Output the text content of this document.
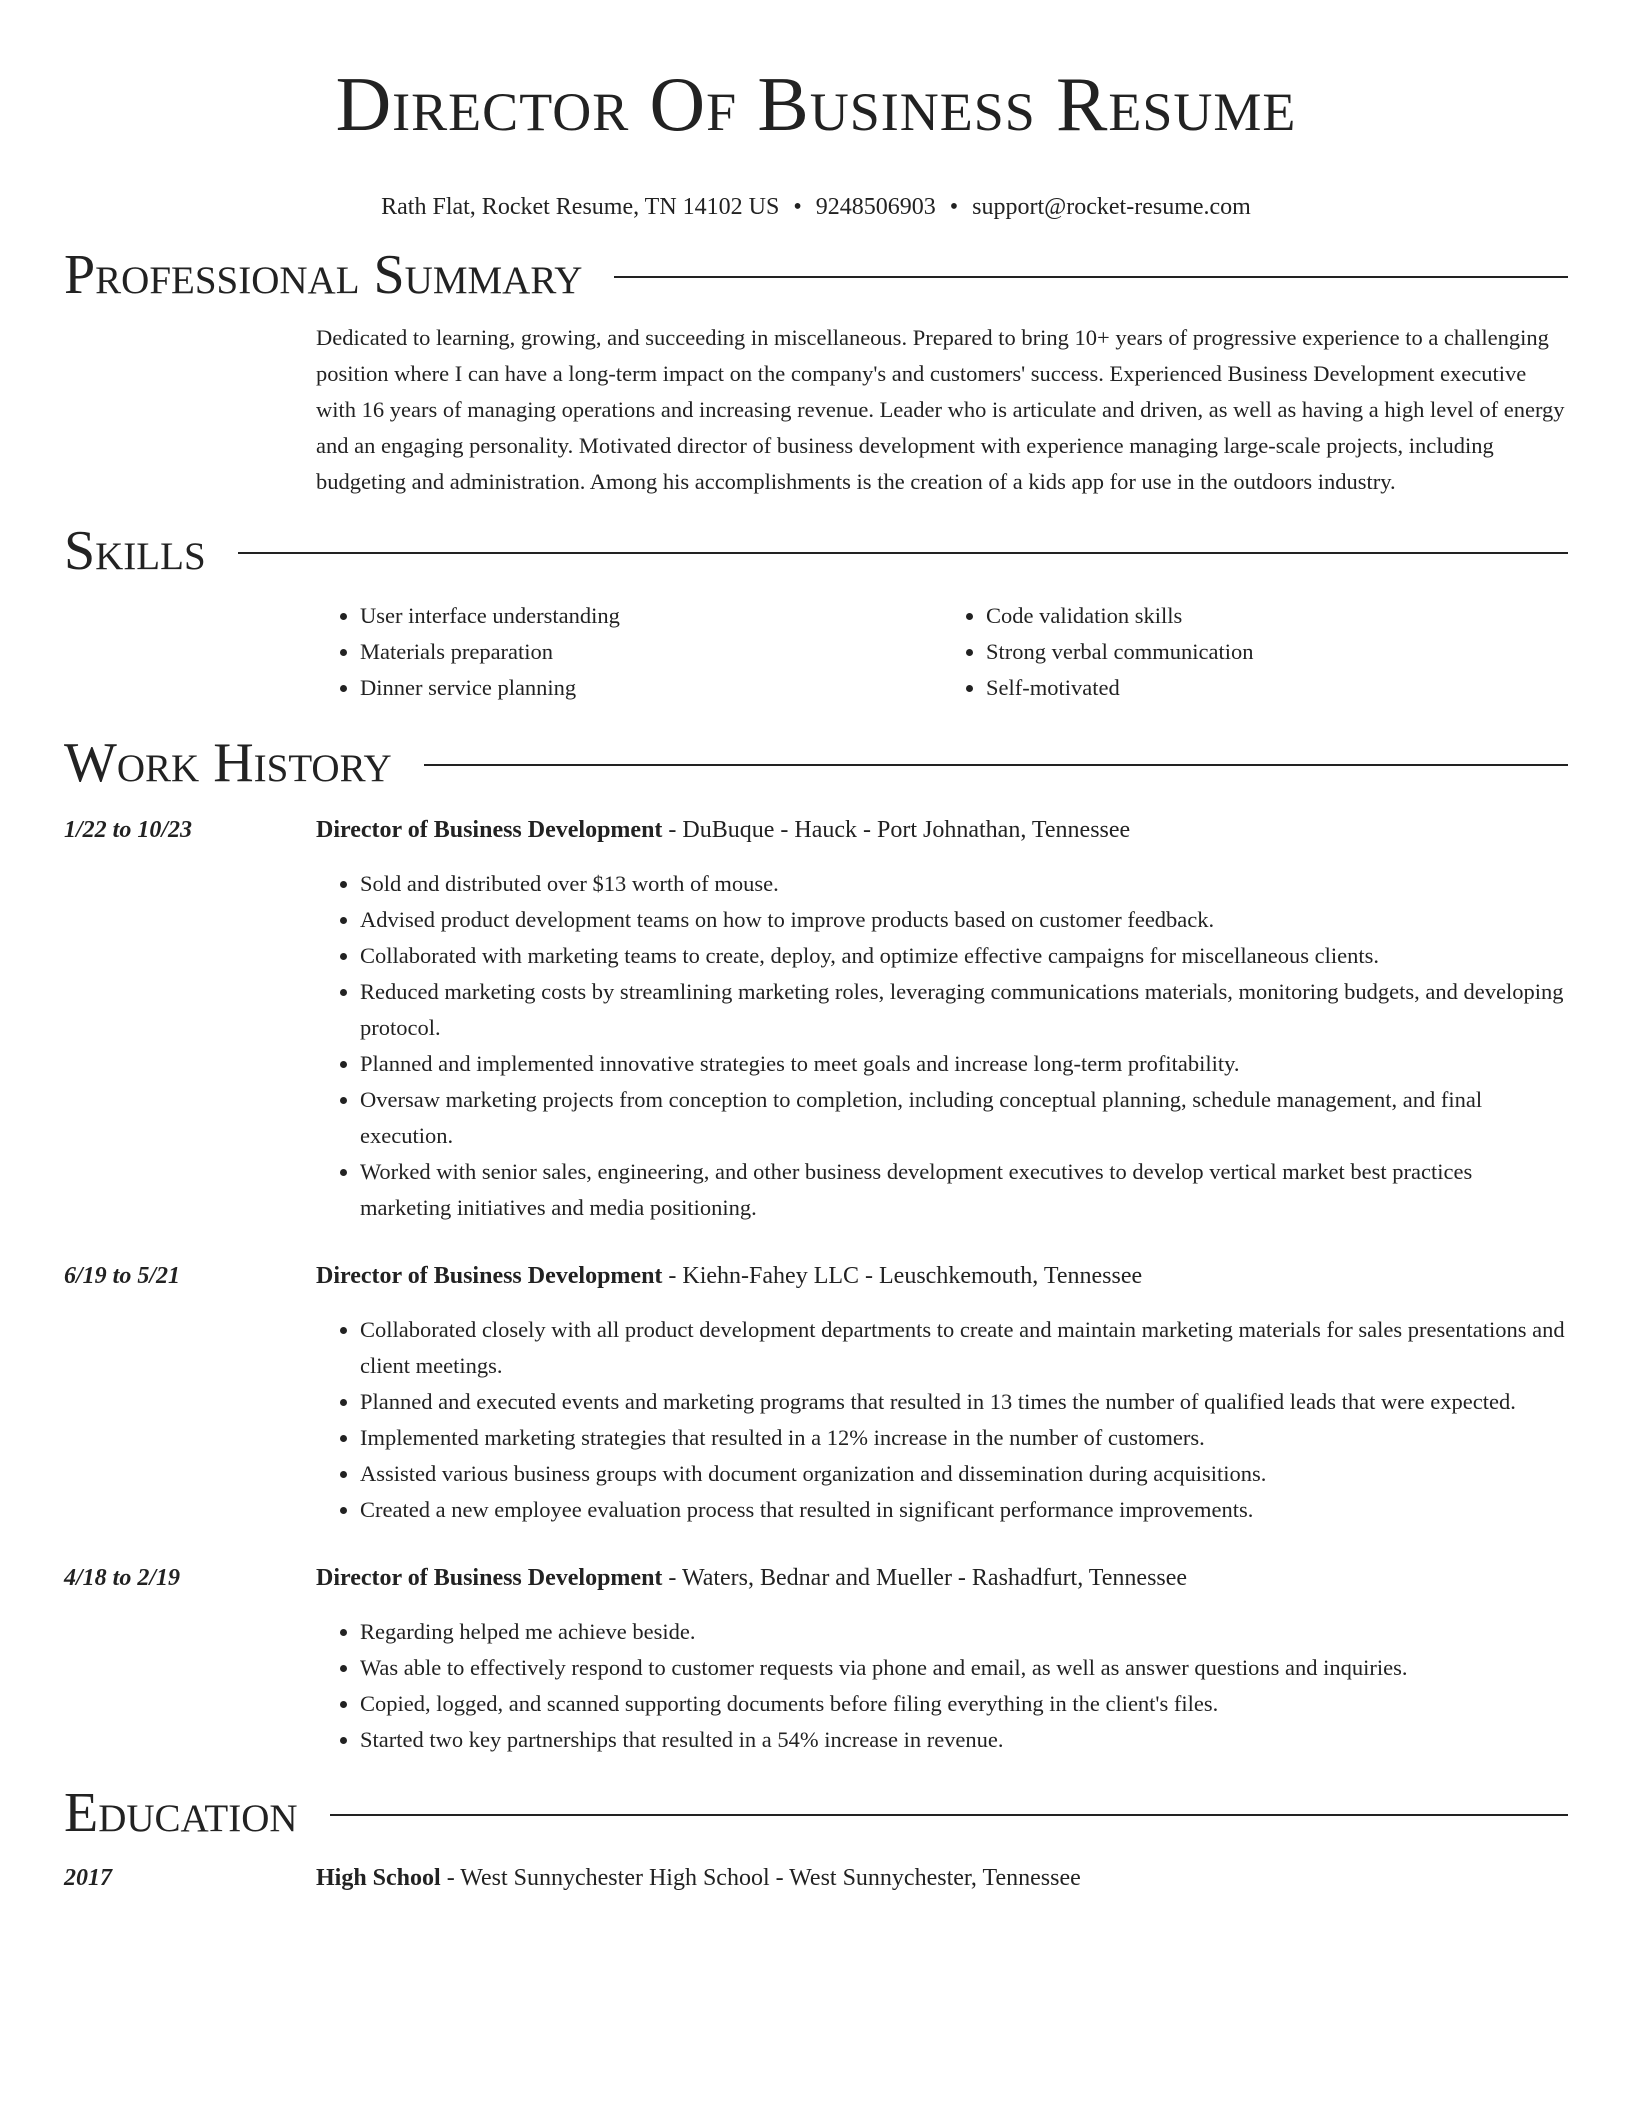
Director Of Business Resume
Rath Flat, Rocket Resume, TN 14102 US • 9248506903 • support@rocket-resume.com
Professional Summary

Dedicated to learning, growing, and succeeding in miscellaneous. Prepared to bring 10+ years of progressive experience to a challenging position where I can have a long-term impact on the company's and customers' success. Experienced Business Development executive with 16 years of managing operations and increasing revenue. Leader who is articulate and driven, as well as having a high level of energy and an engaging personality. Motivated director of business development with experience managing large-scale projects, including budgeting and administration. Among his accomplishments is the creation of a kids app for use in the outdoors industry.

Skills
• User interface understanding
• Materials preparation
• Dinner service planning
• Code validation skills
• Strong verbal communication
• Self-motivated
Work History
1/22 to 10/23	Director of Business Development - DuBuque - Hauck - Port Johnathan, Tennessee
• Sold and distributed over $13 worth of mouse.
• Advised product development teams on how to improve products based on customer feedback.
• Collaborated with marketing teams to create, deploy, and optimize effective campaigns for miscellaneous clients.
• Reduced marketing costs by streamlining marketing roles, leveraging communications materials, monitoring budgets, and developing protocol.
• Planned and implemented innovative strategies to meet goals and increase long-term profitability.
• Oversaw marketing projects from conception to completion, including conceptual planning, schedule management, and final execution.
• Worked with senior sales, engineering, and other business development executives to develop vertical market best practices marketing initiatives and media positioning.
6/19 to 5/21	Director of Business Development - Kiehn-Fahey LLC - Leuschkemouth, Tennessee
• Collaborated closely with all product development departments to create and maintain marketing materials for sales presentations and client meetings.
• Planned and executed events and marketing programs that resulted in 13 times the number of qualified leads that were expected.
• Implemented marketing strategies that resulted in a 12% increase in the number of customers.
• Assisted various business groups with document organization and dissemination during acquisitions.
• Created a new employee evaluation process that resulted in significant performance improvements.
4/18 to 2/19	Director of Business Development - Waters, Bednar and Mueller - Rashadfurt, Tennessee
• Regarding helped me achieve beside.
• Was able to effectively respond to customer requests via phone and email, as well as answer questions and inquiries.
• Copied, logged, and scanned supporting documents before filing everything in the client's files.
• Started two key partnerships that resulted in a 54% increase in revenue.
Education
2017	High School - West Sunnychester High School - West Sunnychester, Tennessee
